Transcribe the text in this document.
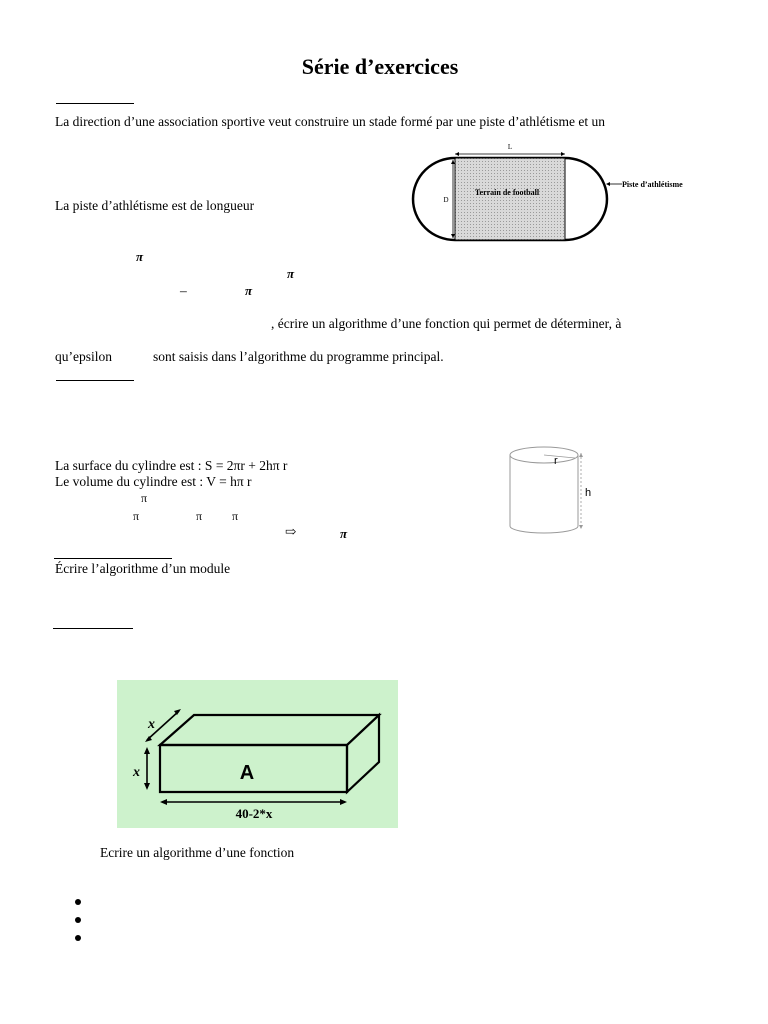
Série d’exercices
La direction d’une association sportive veut construire un stade formé par une piste d’athlétisme et un
L
D
Terrain de football
Piste d’athlétisme
La piste d’athlétisme est de longueur
π
π
–	π
, écrire un algorithme d’une fonction qui permet de déterminer, à
qu’epsilon	sont saisis dans l’algorithme du programme principal.
La surface du cylindre est : S = 2πr + 2hπ r
Le volume du cylindre est : V = hπ r
π
π	π π
⇨	π
r
h
Écrire l’algorithme d’un module
x
x	A
40-2*x
Ecrire un algorithme d’une fonction
